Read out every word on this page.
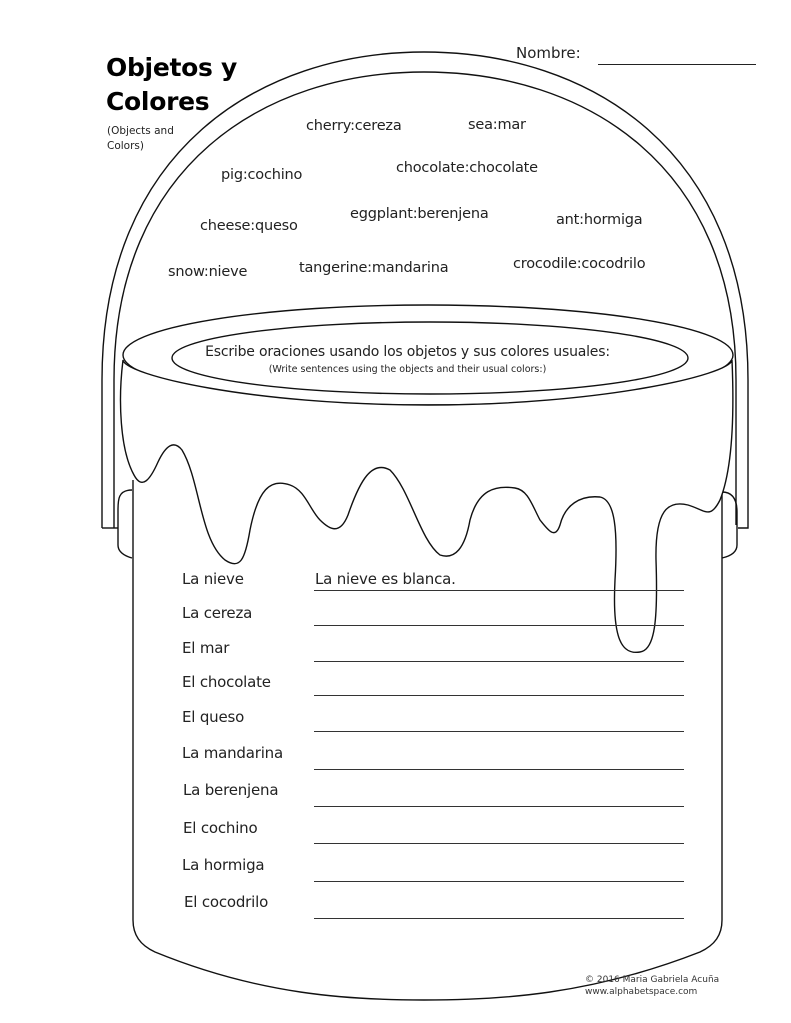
Objetos y
Colores
(Objects and Colors)
Nombre:
cherry:cereza	sea:mar
pig:cochino	chocolate:chocolate
cheese:queso
eggplant:berenjena	ant:hormiga
snow:nieve	tangerine:mandarina	crocodile:cocodrilo
Escribe oraciones usando los objetos y sus colores usuales:
(Write sentences using the objects and their usual colors:)
La nieve	La nieve es blanca.
La cereza
El mar
El chocolate
El queso
La mandarina
La berenjena
El cochino
La hormiga
El cocodrilo
© 2016 Maria Gabriela Acuña
www.alphabetspace.com
